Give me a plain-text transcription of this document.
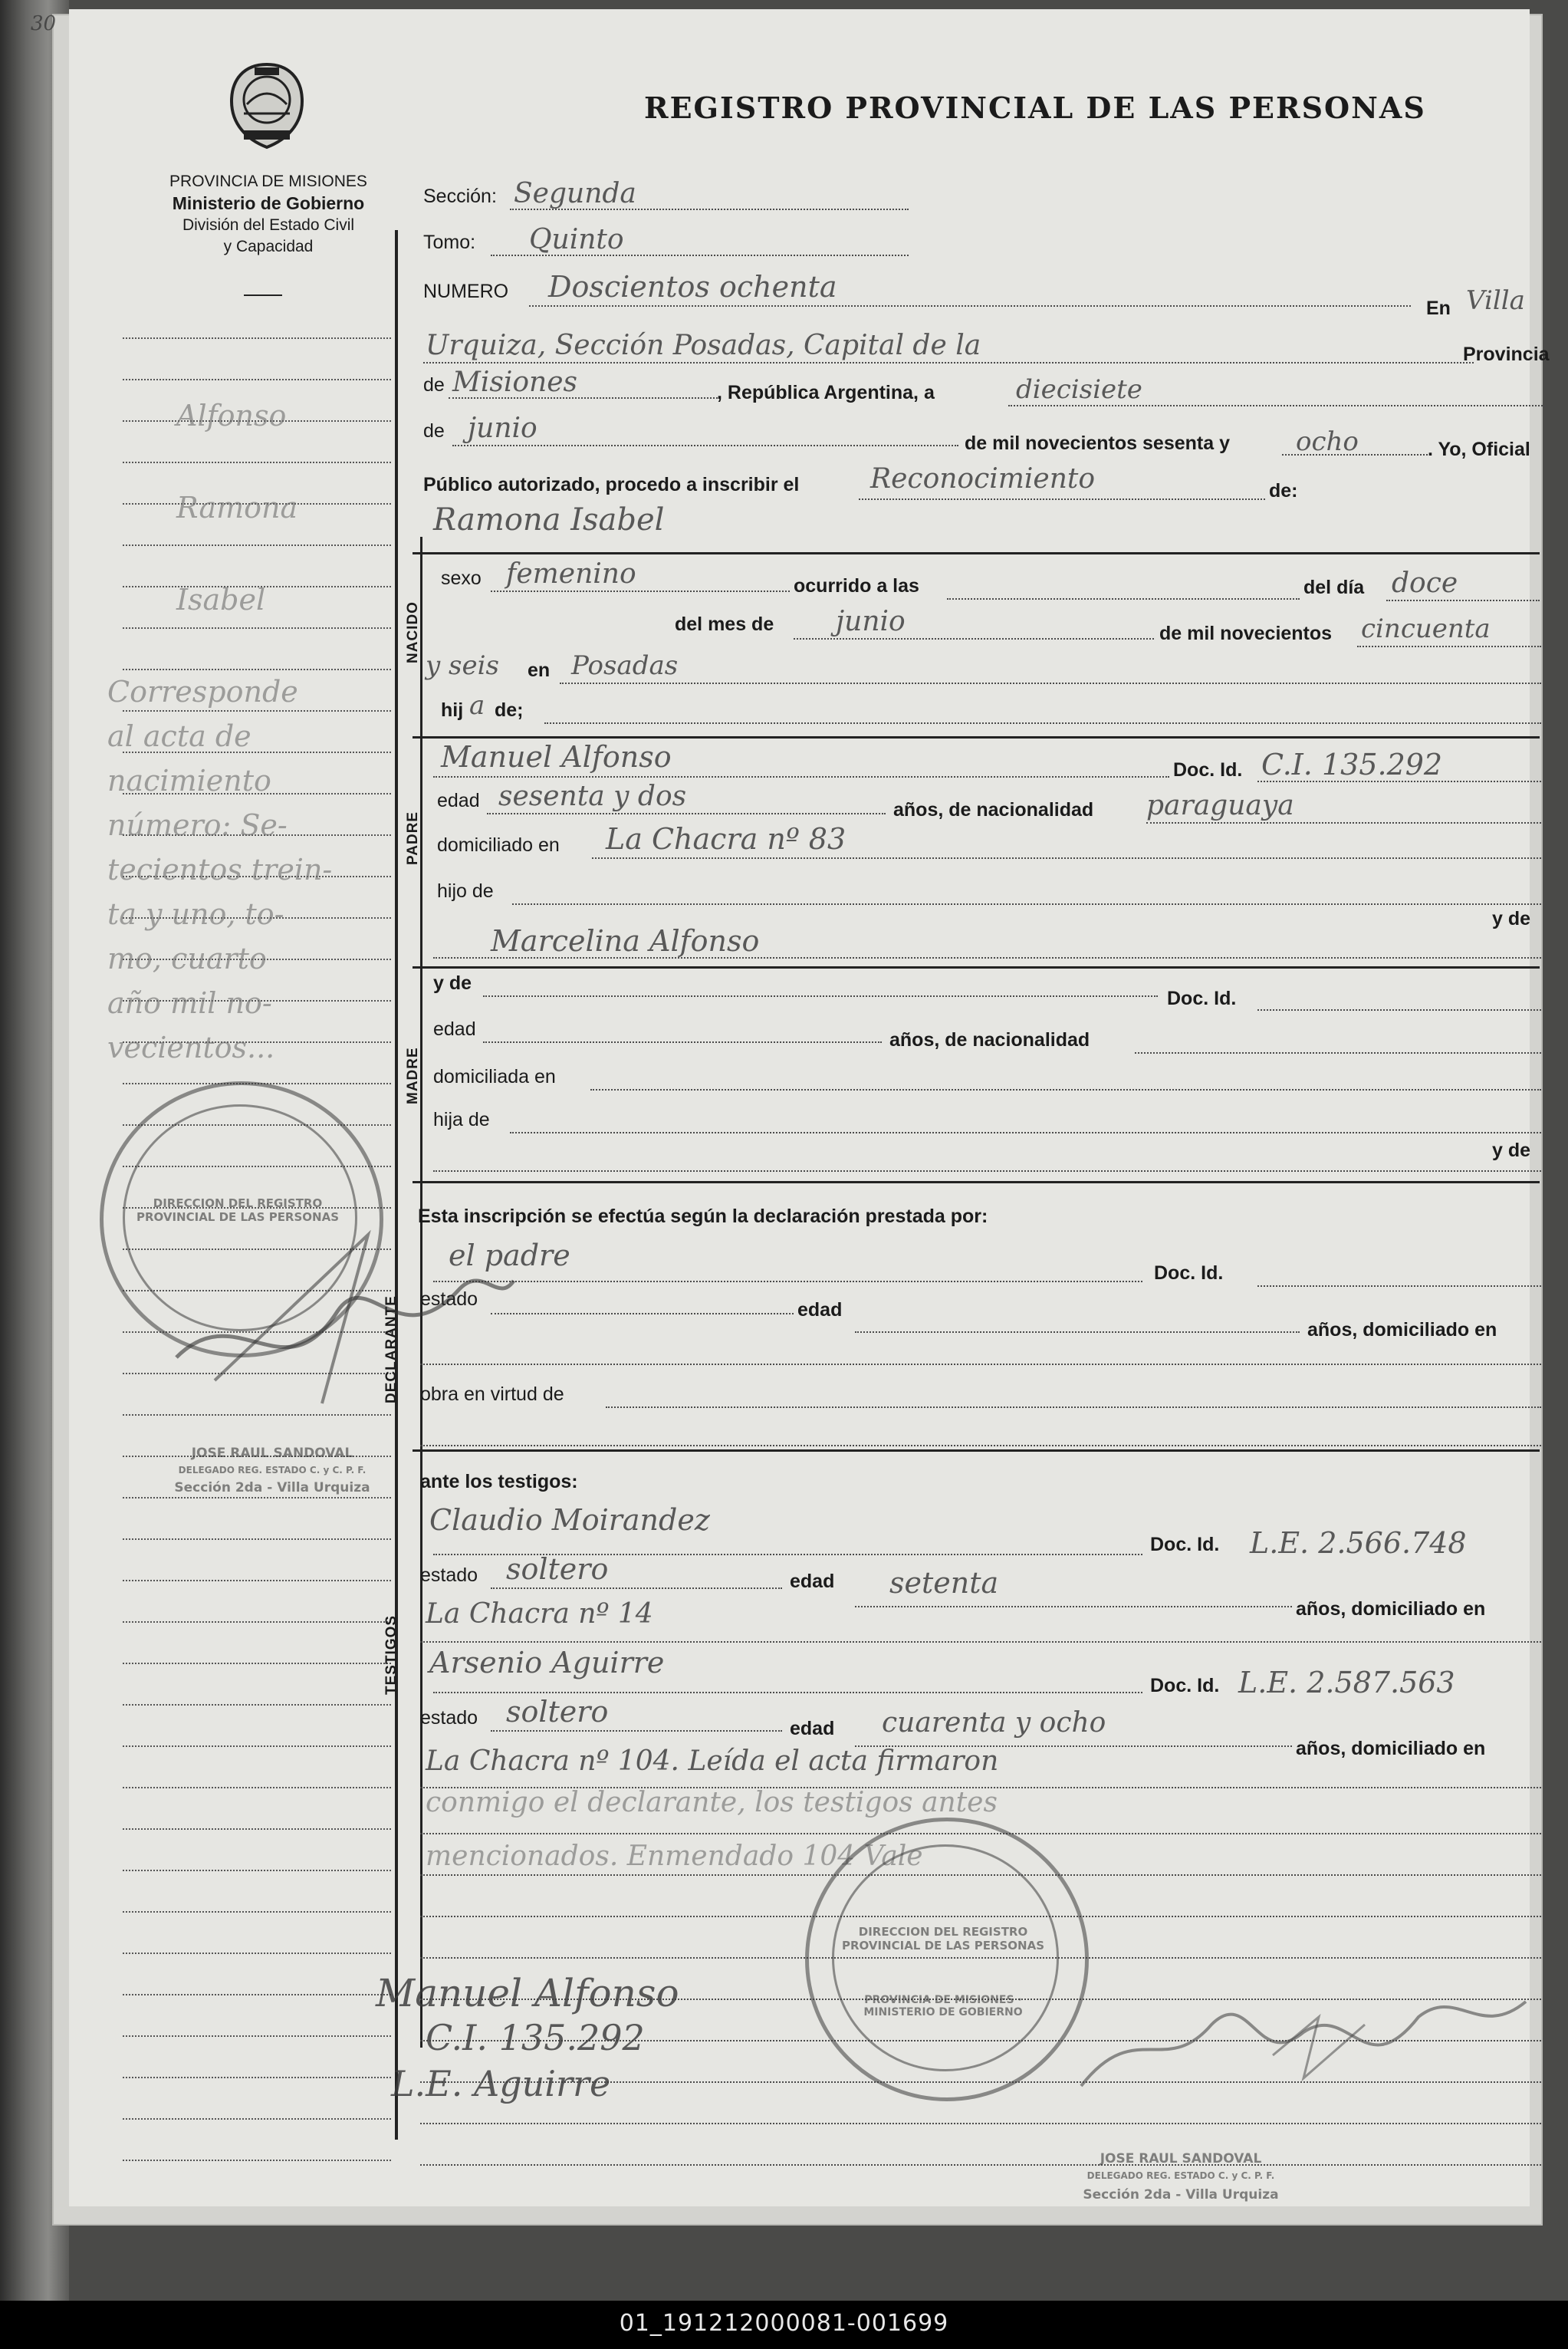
30
PROVINCIA DE MISIONES
Ministerio de Gobierno
División del Estado Civil
y Capacidad
REGISTRO PROVINCIAL DE LAS PERSONAS
Alfonso
Ramona
Isabel
Corresponde
al acta de
nacimiento
número: Se-
tecientos trein-
ta y uno, to-
mo, cuarto
año mil no-
vecientos...
Sección: Segunda
Tomo: Quinto
NUMERO Doscientos ochenta
En Villa
Urquiza, Sección Posadas, Capital de la	Provincia
de Misiones	, República Argentina, a	diecisiete
de junio	de mil novecientos sesenta y	ocho	. Yo, Oficial
Público autorizado, procedo a inscribir el	Reconocimiento	de:
Ramona Isabel
NACIDO
sexo femenino	ocurrido a las	del día doce
del mes de junio	de mil novecientos cincuenta
y seis en Posadas
hij a de;
PADRE
Manuel Alfonso	Doc. Id. C.I. 135.292
edad sesenta y dos	años, de nacionalidad paraguaya
domiciliado en La Chacra nº 83
hijo de
y de
Marcelina Alfonso
MADRE
y de
Doc. Id.
edad	años, de nacionalidad
domiciliada en
hija de
y de
Esta inscripción se efectúa según la declaración prestada por:
DECLARANTE
el padre
Doc. Id.
estado	edad
años, domiciliado en
obra en virtud de
ante los testigos:
TESTIGOS
Claudio Moirandez
Doc. Id. L.E. 2.566.748
estado soltero	edad setenta
años, domiciliado en
La Chacra nº 14
Arsenio Aguirre
Doc. Id. L.E. 2.587.563
estado soltero	edad cuarenta y ocho
años, domiciliado en
La Chacra nº 104. Leída el acta firmaron
conmigo el declarante, los testigos antes
mencionados. Enmendado 104 Vale
Manuel Alfonso
C.I. 135.292
L.E. Aguirre
DIRECCION DEL REGISTRO PROVINCIAL DE LAS PERSONAS
DIRECCION DEL REGISTRO PROVINCIAL DE LAS PERSONAS
PROVINCIA DE MISIONES · MINISTERIO DE GOBIERNO
JOSE RAUL SANDOVAL
DELEGADO REG. ESTADO C. y C. P. F.
Sección 2da - Villa Urquiza
JOSE RAUL SANDOVAL
DELEGADO REG. ESTADO C. y C. P. F.
Sección 2da - Villa Urquiza
01_191212000081-001699
